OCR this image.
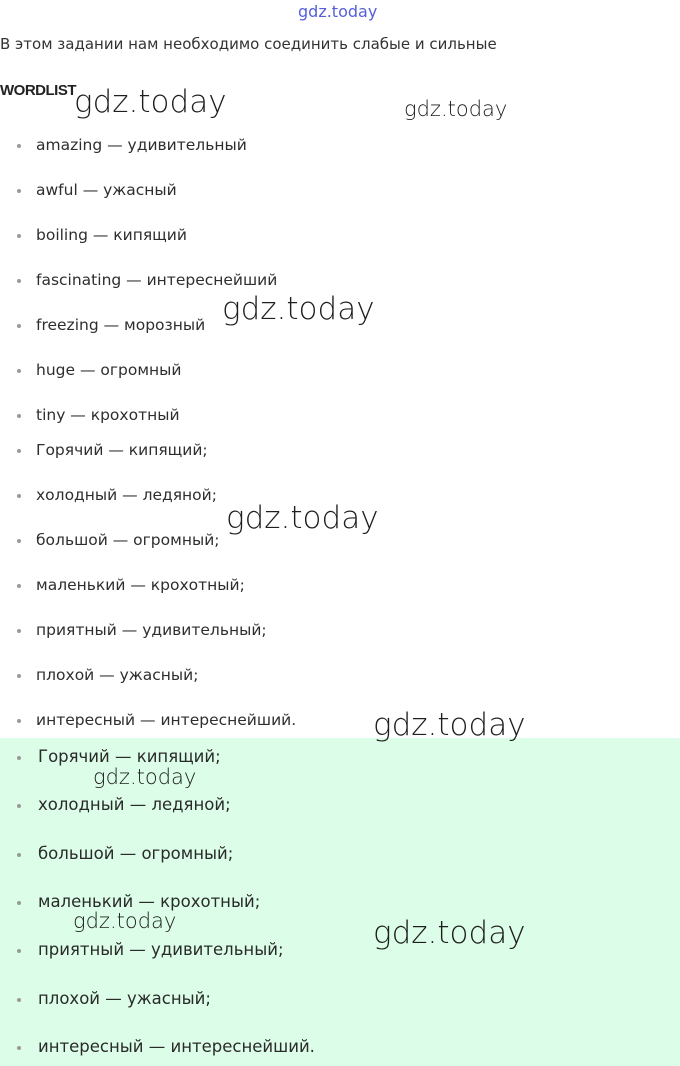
gdz.today
В этом задании нам необходимо соединить слабые и сильные
WORDLIST
amazing — удивительный
awful — ужасный
boiling — кипящий
fascinating — интереснейший
freezing — морозный
huge — огромный
tiny — крохотный
Горячий — кипящий;
холодный — ледяной;
большой — огромный;
маленький — крохотный;
приятный — удивительный;
плохой — ужасный;
интересный — интереснейший.
Горячий — кипящий;
холодный — ледяной;
большой — огромный;
маленький — крохотный;
приятный — удивительный;
плохой — ужасный;
интересный — интереснейший.
gdz.today	gdz.today
gdz.today
gdz.today
gdz.today
gdz.today
gdz.today	gdz.today
